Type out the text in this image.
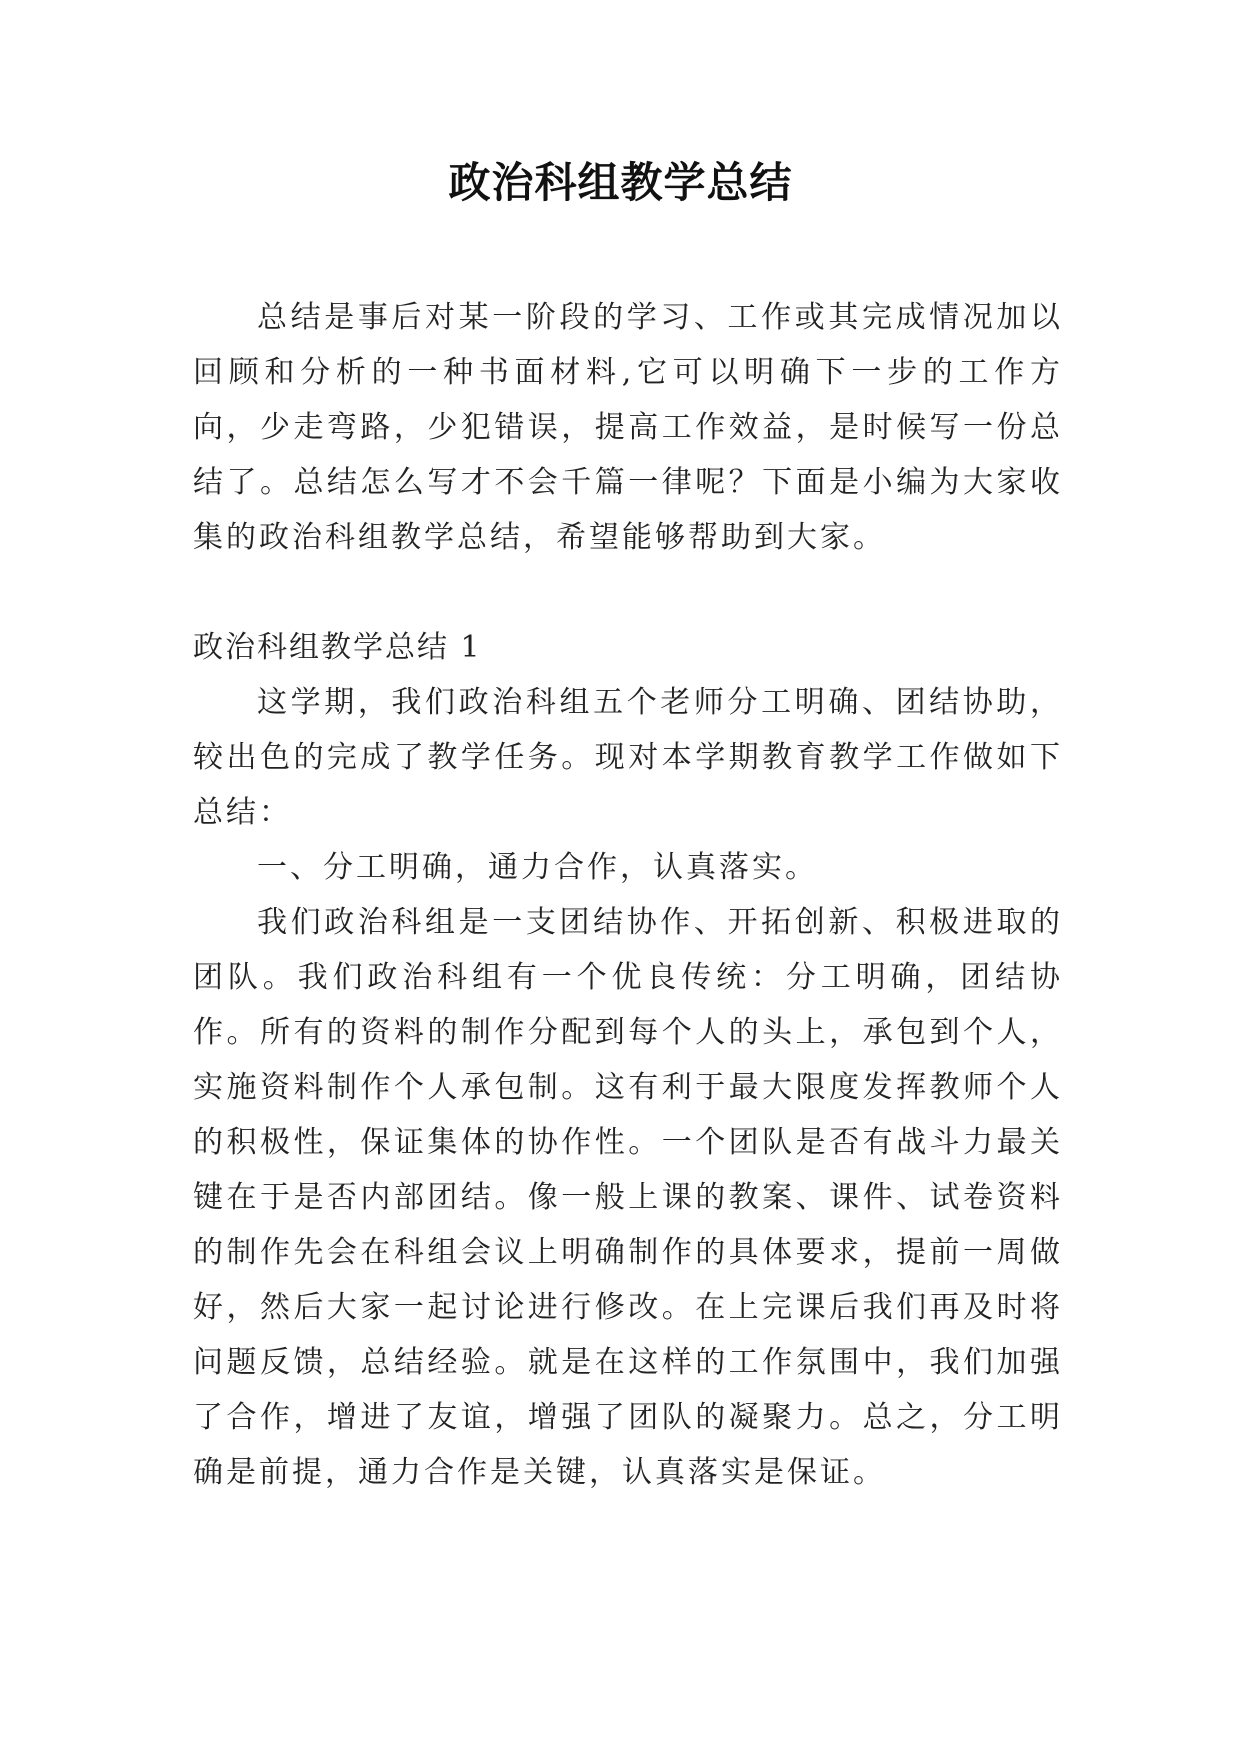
政治科组教学总结

总结是事后对某一阶段的学习、工作或其完成情况加以回顾和分析的一种书面材料,它可以明确下一步的工作方向，少走弯路，少犯错误，提高工作效益，是时候写一份总结了。总结怎么写才不会千篇一律呢？下面是小编为大家收集的政治科组教学总结，希望能够帮助到大家。

政治科组教学总结 1

这学期，我们政治科组五个老师分工明确、团结协助，较出色的完成了教学任务。现对本学期教育教学工作做如下总结：

一、分工明确，通力合作，认真落实。

我们政治科组是一支团结协作、开拓创新、积极进取的团队。我们政治科组有一个优良传统：分工明确，团结协作。所有的资料的制作分配到每个人的头上，承包到个人，实施资料制作个人承包制。这有利于最大限度发挥教师个人的积极性，保证集体的协作性。一个团队是否有战斗力最关键在于是否内部团结。像一般上课的教案、课件、试卷资料的制作先会在科组会议上明确制作的具体要求，提前一周做好，然后大家一起讨论进行修改。在上完课后我们再及时将问题反馈，总结经验。就是在这样的工作氛围中，我们加强了合作，增进了友谊，增强了团队的凝聚力。总之，分工明确是前提，通力合作是关键，认真落实是保证。
